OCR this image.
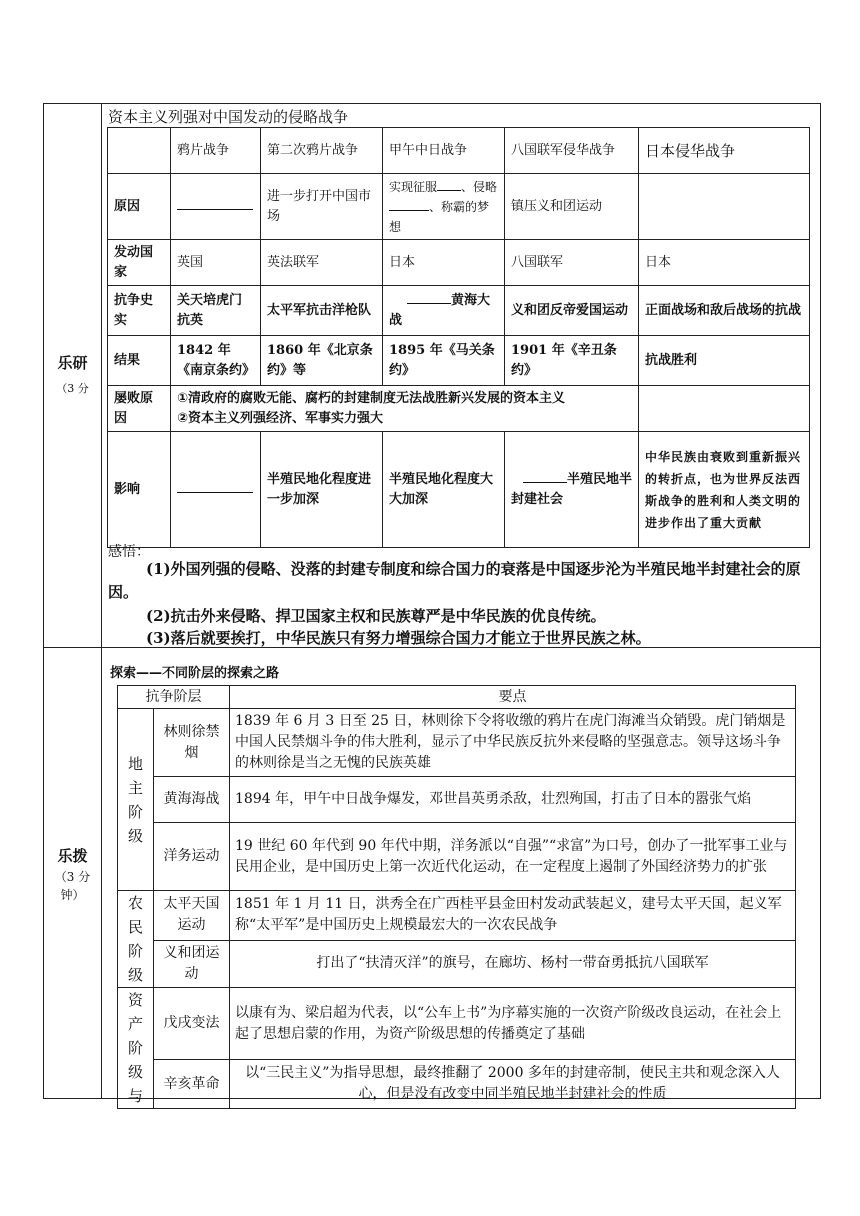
乐研
（3 分
乐拨
（3 分
钟）
资本主义列强对中国发动的侵略战争
	鸦片战争	第二次鸦片战争	甲午中日战争	八国联军侵华战争	日本侵华战争
原因		进一步打开中国市场	实现征服 、侵略 、称霸的梦想	镇压义和团运动	
发动国家	英国	英法联军	日本	八国联军	日本
抗争史实	关天培虎门抗英	太平军抗击洋枪队	黄海大战	义和团反帝爱国运动	正面战场和敌后战场的抗战
结果	1842 年《南京条约》	1860 年《北京条约》等	1895 年《马关条约》	1901 年《辛丑条约》	抗战胜利
屡败原因	①清政府的腐败无能、腐朽的封建制度无法战胜新兴发展的资本主义
②资本主义列强经济、军事实力强大				

影响		半殖民地化程度进一步加深	半殖民地化程度大大加深	半殖民地半封建社会	中华民族由衰败到重新振兴的转折点，也为世界反法西斯战争的胜利和人类文明的进步作出了重大贡献
感悟：
(1)外国列强的侵略、没落的封建专制度和综合国力的衰落是中国逐步沦为半殖民地半封建社会的原因。
(2)抗击外来侵略、捍卫国家主权和民族尊严是中华民族的优良传统。
(3)落后就要挨打，中华民族只有努力增强综合国力才能立于世界民族之林。
探索——不同阶层的探索之路
抗争阶层		要点
地主阶级	林则徐禁烟	1839 年 6 月 3 日至 25 日，林则徐下令将收缴的鸦片在虎门海滩当众销毁。虎门销烟是中国人民禁烟斗争的伟大胜利，显示了中华民族反抗外来侵略的坚强意志。领导这场斗争的林则徐是当之无愧的民族英雄
	黄海海战	1894 年，甲午中日战争爆发，邓世昌英勇杀敌，壮烈殉国，打击了日本的嚣张气焰
	洋务运动	19 世纪 60 年代到 90 年代中期，洋务派以“自强”“求富”为口号，创办了一批军事工业与民用企业，是中国历史上第一次近代化运动，在一定程度上遏制了外国经济势力的扩张
农民阶级	太平天国运动	1851 年 1 月 11 日，洪秀全在广西桂平县金田村发动武装起义，建号太平天国，起义军称“太平军”是中国历史上规模最宏大的一次农民战争
	义和团运动	打出了“扶清灭洋”的旗号，在廊坊、杨村一带奋勇抵抗八国联军
资产阶级与	戊戌变法	以康有为、梁启超为代表，以“公车上书”为序幕实施的一次资产阶级改良运动，在社会上起了思想启蒙的作用，为资产阶级思想的传播奠定了基础
	辛亥革命	以“三民主义”为指导思想，最终推翻了 2000 多年的封建帝制，使民主共和观念深入人心，但是没有改变中同半殖民地半封建社会的性质
